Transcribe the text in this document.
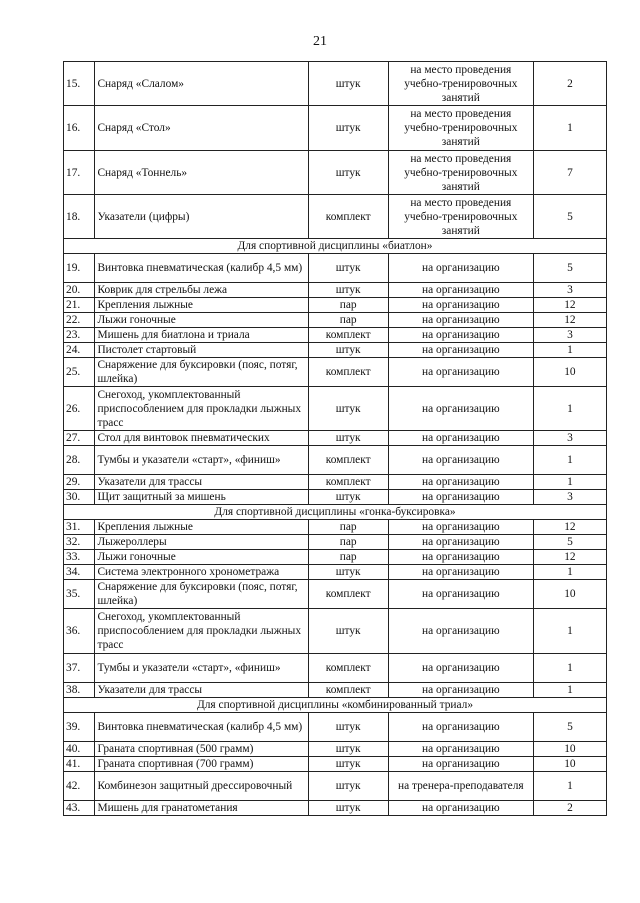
21
15.	Снаряд «Слалом»	штук	на место проведения учебно-тренировочных занятий	2
16.	Снаряд «Стол»	штук	на место проведения учебно-тренировочных занятий	1
17.	Снаряд «Тоннель»	штук	на место проведения учебно-тренировочных занятий	7
18.	Указатели (цифры)	комплект	на место проведения учебно-тренировочных занятий	5
Для спортивной дисциплины «биатлон»				
19.	Винтовка пневматическая (калибр 4,5 мм)	штук	на организацию	5
20.	Коврик для стрельбы лежа	штук	на организацию	3
21.	Крепления лыжные	пар	на организацию	12
22.	Лыжи гоночные	пар	на организацию	12
23.	Мишень для биатлона и триала	комплект	на организацию	3
24.	Пистолет стартовый	штук	на организацию	1
25.	Снаряжение для буксировки (пояс, потяг, шлейка)	комплект	на организацию	10
26.	Снегоход, укомплектованный приспособлением для прокладки лыжных трасс	штук	на организацию	1
27.	Стол для винтовок пневматических	штук	на организацию	3
28.	Тумбы и указатели «старт», «финиш»	комплект	на организацию	1
29.	Указатели для трассы	комплект	на организацию	1
30.	Щит защитный за мишень	штук	на организацию	3
Для спортивной дисциплины «гонка-буксировка»				
31.	Крепления лыжные	пар	на организацию	12
32.	Лыжероллеры	пар	на организацию	5
33.	Лыжи гоночные	пар	на организацию	12
34.	Система электронного хронометража	штук	на организацию	1
35.	Снаряжение для буксировки (пояс, потяг, шлейка)	комплект	на организацию	10
36.	Снегоход, укомплектованный приспособлением для прокладки лыжных трасс	штук	на организацию	1
37.	Тумбы и указатели «старт», «финиш»	комплект	на организацию	1
38.	Указатели для трассы	комплект	на организацию	1
Для спортивной дисциплины «комбинированный триал»				
39.	Винтовка пневматическая (калибр 4,5 мм)	штук	на организацию	5
40.	Граната спортивная (500 грамм)	штук	на организацию	10
41.	Граната спортивная (700 грамм)	штук	на организацию	10
42.	Комбинезон защитный дрессировочный	штук	на тренера-преподавателя	1
43.	Мишень для гранатометания	штук	на организацию	2
